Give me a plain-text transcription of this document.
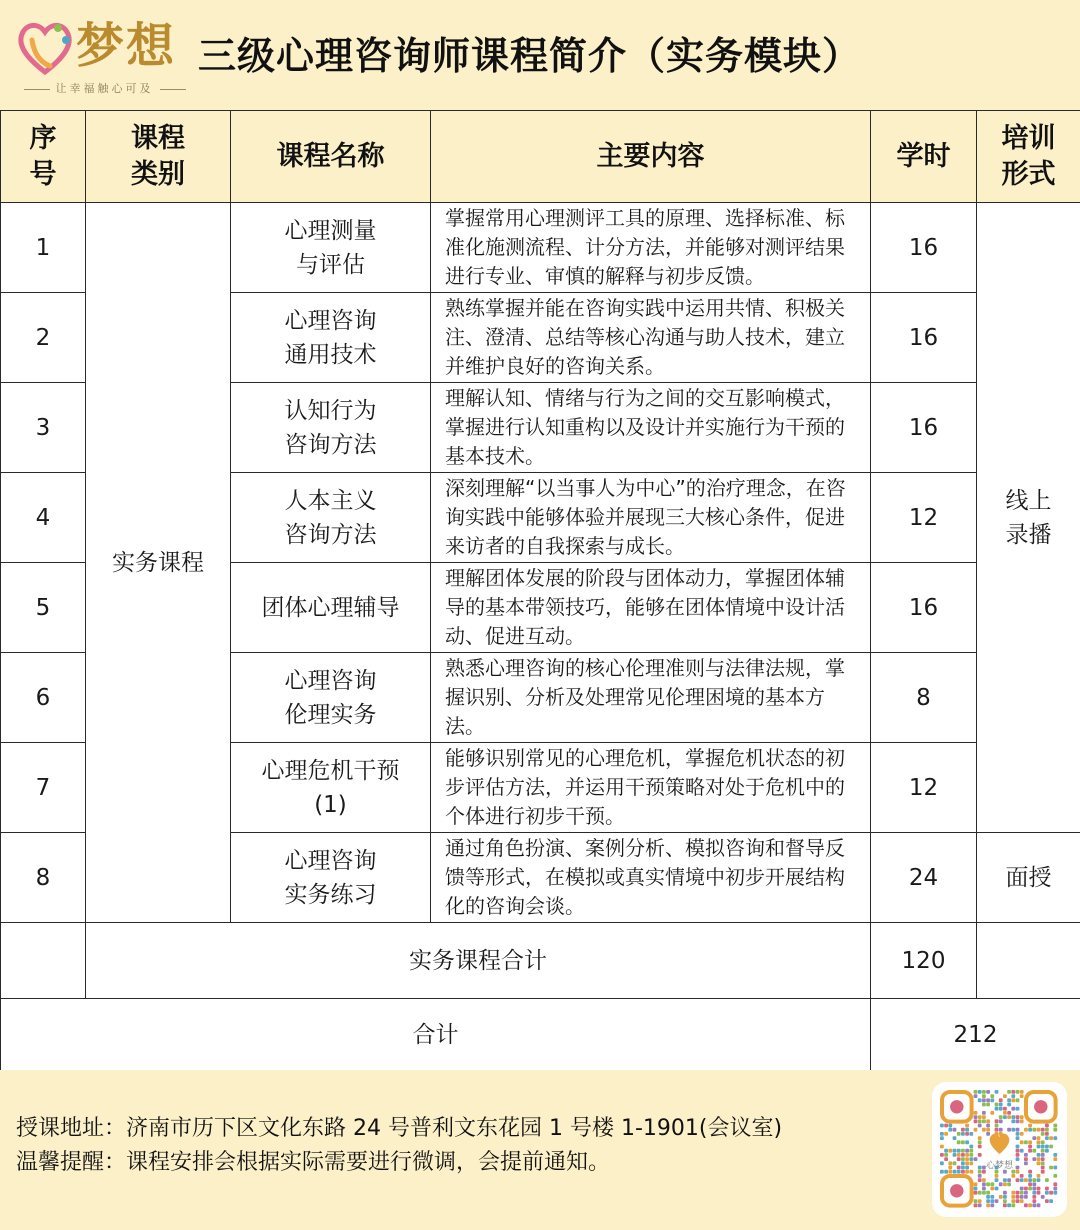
梦想
让幸福触心可及
三级心理咨询师课程简介（实务模块）
序号	课程类别	课程名称	主要内容	学时	培训形式

1	实务课程	心理测量与评估	掌握常用心理测评工具的原理、选择标准、标准化施测流程、计分方法，并能够对测评结果进行专业、审慎的解释与初步反馈。	16	线上录播

2		心理咨询通用技术	熟练掌握并能在咨询实践中运用共情、积极关注、澄清、总结等核心沟通与助人技术，建立并维护良好的咨询关系。	16	
3		认知行为咨询方法	理解认知、情绪与行为之间的交互影响模式，掌握进行认知重构以及设计并实施行为干预的基本技术。	16	
4		人本主义咨询方法	深刻理解“以当事人为中心”的治疗理念，在咨询实践中能够体验并展现三大核心条件，促进来访者的自我探索与成长。	12	
5		团体心理辅导	理解团体发展的阶段与团体动力，掌握团体辅导的基本带领技巧，能够在团体情境中设计活动、促进互动。	16	
6		心理咨询伦理实务	熟悉心理咨询的核心伦理准则与法律法规，掌握识别、分析及处理常见伦理困境的基本方法。	8	
7		心理危机干预(1)	能够识别常见的心理危机，掌握危机状态的初步评估方法，并运用干预策略对处于危机中的个体进行初步干预。	12	
8		心理咨询实务练习	通过角色扮演、案例分析、模拟咨询和督导反馈等形式，在模拟或真实情境中初步开展结构化的咨询会谈。	24	面授
	实务课程合计			120	
合计				212	
授课地址：济南市历下区文化东路 24 号普利文东花园 1 号楼 1-1901(会议室)
温馨提醒：课程安排会根据实际需要进行微调，会提前通知。	心梦想
